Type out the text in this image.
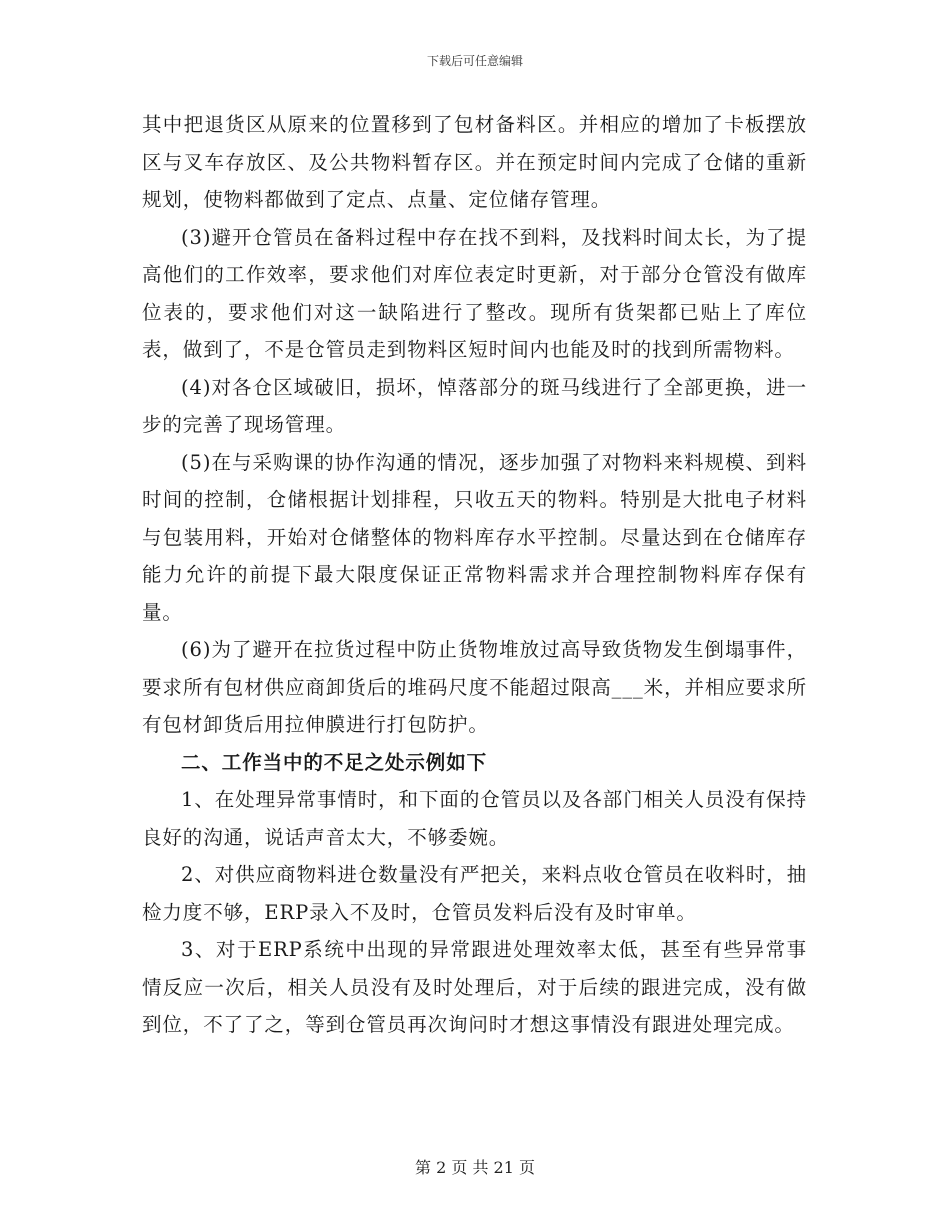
下载后可任意编辑

其中把退货区从原来的位置移到了包材备料区。并相应的增加了卡板摆放区与叉车存放区、及公共物料暂存区。并在预定时间内完成了仓储的重新规划，使物料都做到了定点、点量、定位储存管理。

(3)避开仓管员在备料过程中存在找不到料，及找料时间太长，为了提高他们的工作效率，要求他们对库位表定时更新，对于部分仓管没有做库位表的，要求他们对这一缺陷进行了整改。现所有货架都已贴上了库位表，做到了，不是仓管员走到物料区短时间内也能及时的找到所需物料。

(4)对各仓区域破旧，损坏，悼落部分的斑马线进行了全部更换，进一步的完善了现场管理。

(5)在与采购课的协作沟通的情况，逐步加强了对物料来料规模、到料时间的控制，仓储根据计划排程，只收五天的物料。特别是大批电子材料与包装用料，开始对仓储整体的物料库存水平控制。尽量达到在仓储库存能力允许的前提下最大限度保证正常物料需求并合理控制物料库存保有量。

(6)为了避开在拉货过程中防止货物堆放过高导致货物发生倒塌事件，要求所有包材供应商卸货后的堆码尺度不能超过限高___米，并相应要求所有包材卸货后用拉伸膜进行打包防护。

二、工作当中的不足之处示例如下

1、在处理异常事情时，和下面的仓管员以及各部门相关人员没有保持良好的沟通，说话声音太大，不够委婉。

2、对供应商物料进仓数量没有严把关，来料点收仓管员在收料时，抽检力度不够，ERP录入不及时，仓管员发料后没有及时审单。

3、对于ERP系统中出现的异常跟进处理效率太低，甚至有些异常事情反应一次后，相关人员没有及时处理后，对于后续的跟进完成，没有做到位，不了了之，等到仓管员再次询问时才想这事情没有跟进处理完成。

第 2 页 共 21 页
